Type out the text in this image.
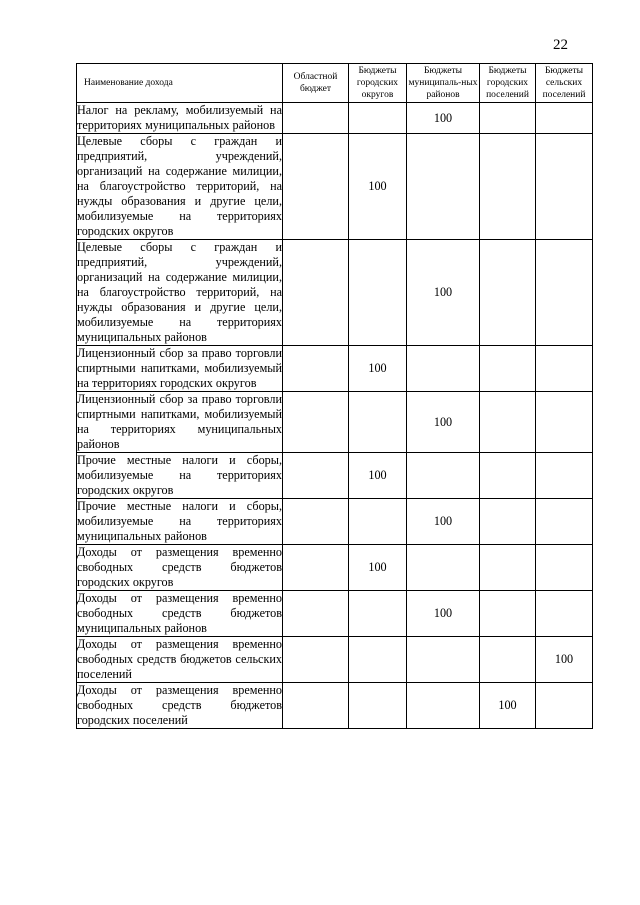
22
Наименование дохода	Областной бюджет	Бюджеты городских округов	Бюджеты муниципаль-ных районов	Бюджеты городских поселений	Бюджеты сельских поселений
Налог на рекламу, мобилизуемый на территориях муниципальных районов			100		
Целевые сборы с граждан и предприятий, учреждений, организаций на содержание милиции, на благоустройство территорий, на нужды образования и другие цели, мобилизуемые на территориях городских округов		100			
Целевые сборы с граждан и предприятий, учреждений, организаций на содержание милиции, на благоустройство территорий, на нужды образования и другие цели, мобилизуемые на территориях муниципальных районов			100		
Лицензионный сбор за право торговли спиртными напитками, мобилизуемый на территориях городских округов		100			
Лицензионный сбор за право торговли спиртными напитками, мобилизуемый на территориях муниципальных районов			100		
Прочие местные налоги и сборы, мобилизуемые на территориях городских округов		100			
Прочие местные налоги и сборы, мобилизуемые на территориях муниципальных районов			100		
Доходы от размещения временно свободных средств бюджетов городских округов		100			
Доходы от размещения временно свободных средств бюджетов муниципальных районов			100		
Доходы от размещения временно свободных средств бюджетов сельских поселений					100
Доходы от размещения временно свободных средств бюджетов городских поселений				100	
